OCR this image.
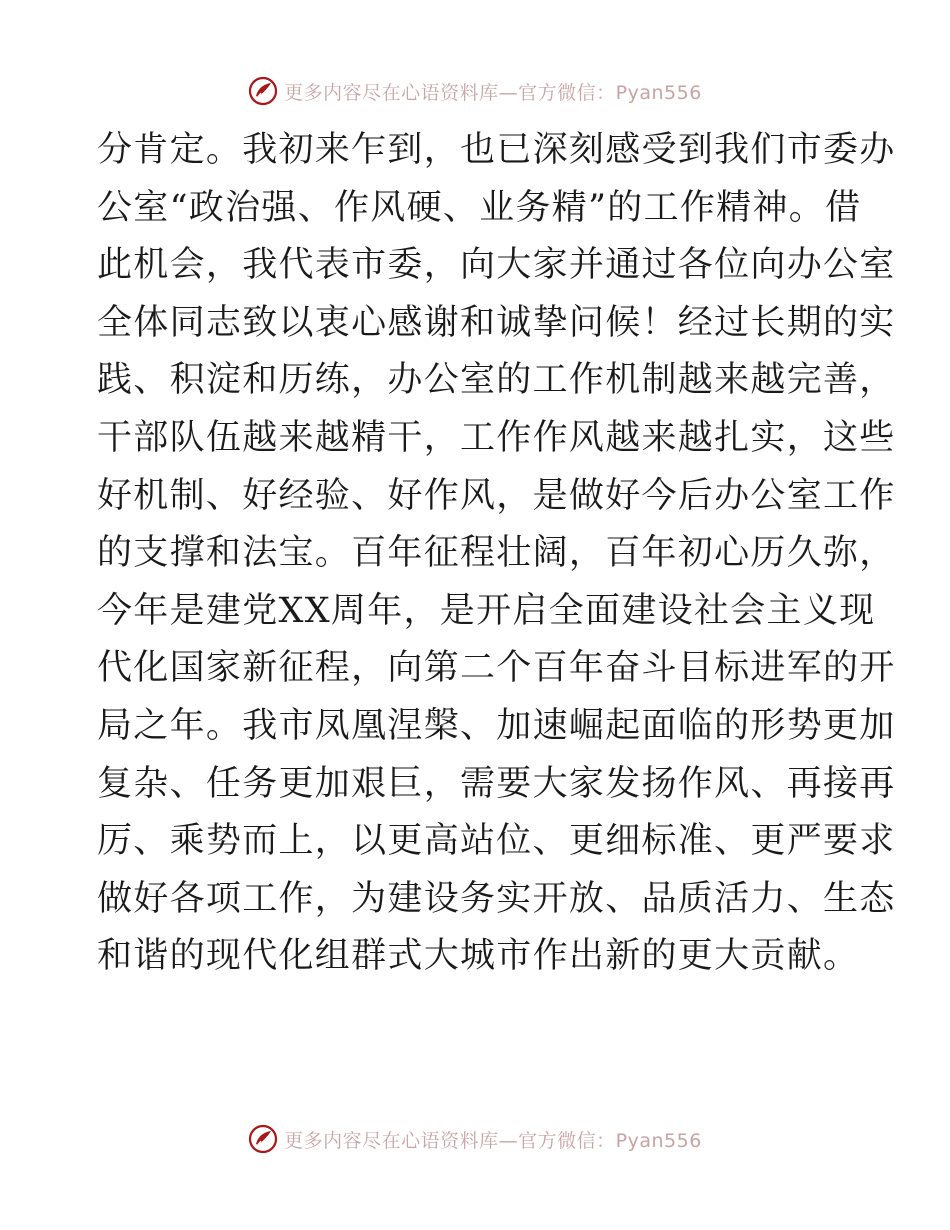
更多内容尽在心语资料库—官方微信：Pyan556
分肯定。我初来乍到，也已深刻感受到我们市委办
公室“政治强、作风硬、业务精”的工作精神。借
此机会，我代表市委，向大家并通过各位向办公室
全体同志致以衷心感谢和诚挚问候！经过长期的实
践、积淀和历练，办公室的工作机制越来越完善，
干部队伍越来越精干，工作作风越来越扎实，这些
好机制、好经验、好作风，是做好今后办公室工作
的支撑和法宝。百年征程壮阔，百年初心历久弥，
今年是建党XX周年，是开启全面建设社会主义现
代化国家新征程，向第二个百年奋斗目标进军的开
局之年。我市凤凰涅槃、加速崛起面临的形势更加
复杂、任务更加艰巨，需要大家发扬作风、再接再
厉、乘势而上，以更高站位、更细标准、更严要求
做好各项工作，为建设务实开放、品质活力、生态
和谐的现代化组群式大城市作出新的更大贡献。
更多内容尽在心语资料库—官方微信：Pyan556
